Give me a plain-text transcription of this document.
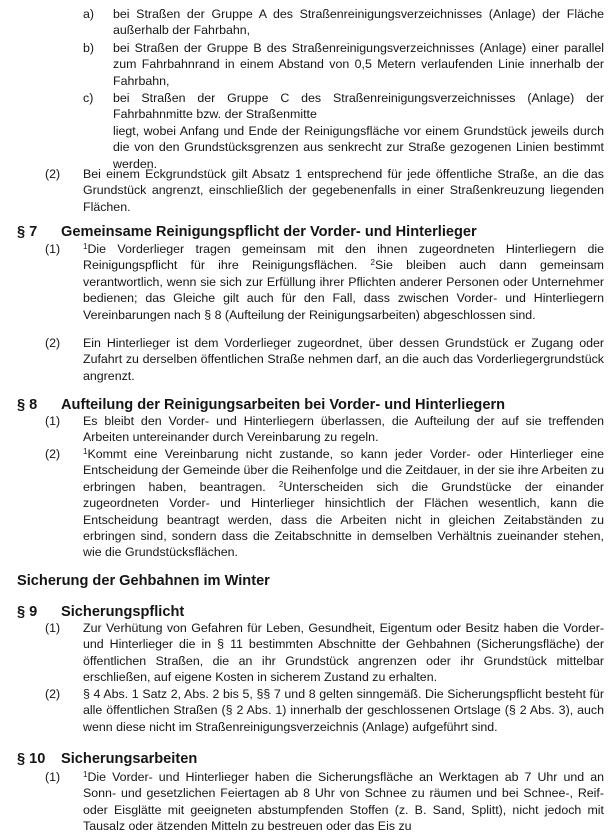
a) bei Straßen der Gruppe A des Straßenreinigungsverzeichnisses (Anlage) der Fläche außerhalb der Fahrbahn,
b) bei Straßen der Gruppe B des Straßenreinigungsverzeichnisses (Anlage) einer parallel zum Fahrbahnrand in einem Abstand von 0,5 Metern verlaufenden Linie innerhalb der Fahrbahn,
c) bei Straßen der Gruppe C des Straßenreinigungsverzeichnisses (Anlage) der Fahrbahnmitte bzw. der Straßenmitte
liegt, wobei Anfang und Ende der Reinigungsfläche vor einem Grundstück jeweils durch die von den Grundstücksgrenzen aus senkrecht zur Straße gezogenen Linien bestimmt werden.
(2) Bei einem Eckgrundstück gilt Absatz 1 entsprechend für jede öffentliche Straße, an die das Grundstück angrenzt, einschließlich der gegebenenfalls in einer Straßenkreuzung liegenden Flächen.
§ 7 Gemeinsame Reinigungspflicht der Vorder- und Hinterlieger
(1)	$^1$Die Vorderlieger tragen gemeinsam mit den ihnen zugeordneten Hinterliegern die Reinigungspflicht für ihre Reinigungsflächen. $^2$Sie bleiben auch dann gemeinsam verantwortlich, wenn sie sich zur Erfüllung ihrer Pflichten anderer Personen oder Unternehmer bedienen; das Gleiche gilt auch für den Fall, dass zwischen Vorder- und Hinterliegern Vereinbarungen nach § 8 (Aufteilung der Reinigungsarbeiten) abgeschlossen sind.
(2) Ein Hinterlieger ist dem Vorderlieger zugeordnet, über dessen Grundstück er Zugang oder Zufahrt zu derselben öffentlichen Straße nehmen darf, an die auch das Vorderliegergrundstück angrenzt.
§ 8 Aufteilung der Reinigungsarbeiten bei Vorder- und Hinterliegern
(1) Es bleibt den Vorder- und Hinterliegern überlassen, die Aufteilung der auf sie treffenden Arbeiten untereinander durch Vereinbarung zu regeln.
(2)	$^1$Kommt eine Vereinbarung nicht zustande, so kann jeder Vorder- oder Hinterlieger eine Entscheidung der Gemeinde über die Reihenfolge und die Zeitdauer, in der sie ihre Arbeiten zu erbringen haben, beantragen. $^2$Unterscheiden sich die Grundstücke der einander zugeordneten Vorder- und Hinterlieger hinsichtlich der Flächen wesentlich, kann die Entscheidung beantragt werden, dass die Arbeiten nicht in gleichen Zeitabständen zu erbringen sind, sondern dass die Zeitabschnitte in demselben Verhältnis zueinander stehen, wie die Grundstücksflächen.
Sicherung der Gehbahnen im Winter
§ 9 Sicherungspflicht
(1) Zur Verhütung von Gefahren für Leben, Gesundheit, Eigentum oder Besitz haben die Vorder- und Hinterlieger die in § 11 bestimmten Abschnitte der Gehbahnen (Sicherungsfläche) der öffentlichen Straßen, die an ihr Grundstück angrenzen oder ihr Grundstück mittelbar erschließen, auf eigene Kosten in sicherem Zustand zu erhalten.
(2) § 4 Abs. 1 Satz 2, Abs. 2 bis 5, §§ 7 und 8 gelten sinngemäß. Die Sicherungspflicht besteht für alle öffentlichen Straßen (§ 2 Abs. 1) innerhalb der geschlossenen Ortslage (§ 2 Abs. 3), auch wenn diese nicht im Straßenreinigungsverzeichnis (Anlage) aufgeführt sind.
§ 10 Sicherungsarbeiten
(1)	$^1$Die Vorder- und Hinterlieger haben die Sicherungsfläche an Werktagen ab 7 Uhr und an Sonn- und gesetzlichen Feiertagen ab 8 Uhr von Schnee zu räumen und bei Schnee-, Reif- oder Eisglätte mit geeigneten abstumpfenden Stoffen (z. B. Sand, Splitt), nicht jedoch mit Tausalz oder ätzenden Mitteln zu bestreuen oder das Eis zu
